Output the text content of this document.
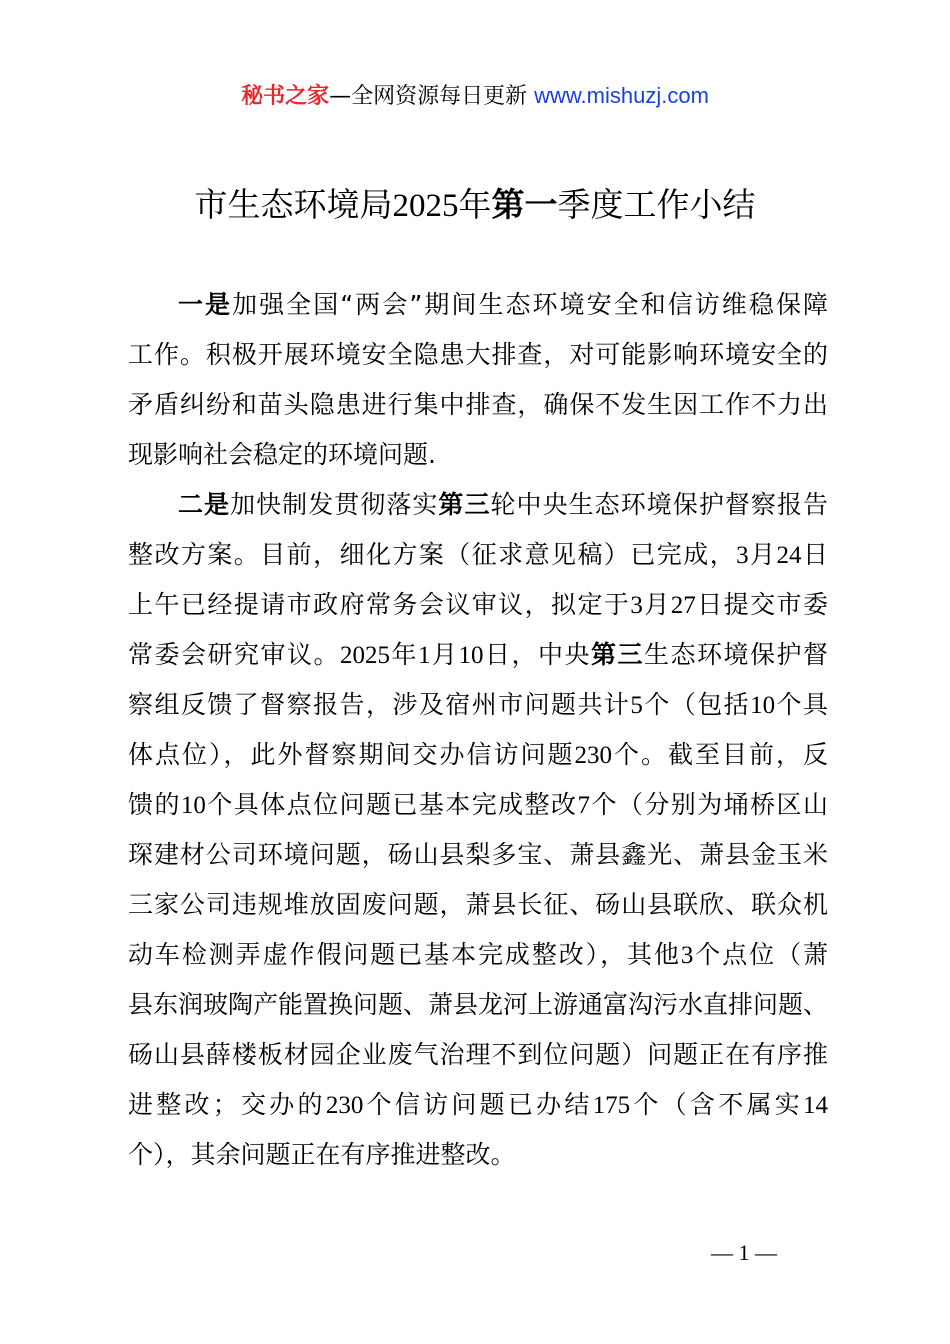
秘书之家—全网资源每日更新 www.mishuzj.com
市生态环境局2025年第一季度工作小结
一是加强全国“两会”期间生态环境安全和信访维稳保障
工作。积极开展环境安全隐患大排查，对可能影响环境安全的
矛盾纠纷和苗头隐患进行集中排查，确保不发生因工作不力出
现影响社会稳定的环境问题.
二是加快制发贯彻落实第三轮中央生态环境保护督察报告
整改方案。目前，细化方案（征求意见稿）已完成，3月24日
上午已经提请市政府常务会议审议，拟定于3月27日提交市委
常委会研究审议。2025年1月10日，中央第三生态环境保护督
察组反馈了督察报告，涉及宿州市问题共计5个（包括10个具
体点位），此外督察期间交办信访问题230个。截至目前，反
馈的10个具体点位问题已基本完成整改7个（分别为埇桥区山
琛建材公司环境问题，砀山县梨多宝、萧县鑫光、萧县金玉米
三家公司违规堆放固废问题，萧县长征、砀山县联欣、联众机
动车检测弄虚作假问题已基本完成整改），其他3个点位（萧
县东润玻陶产能置换问题、萧县龙河上游通富沟污水直排问题、
砀山县薛楼板材园企业废气治理不到位问题）问题正在有序推
进整改；交办的230个信访问题已办结175个（含不属实14
个），其余问题正在有序推进整改。
— 1 —
